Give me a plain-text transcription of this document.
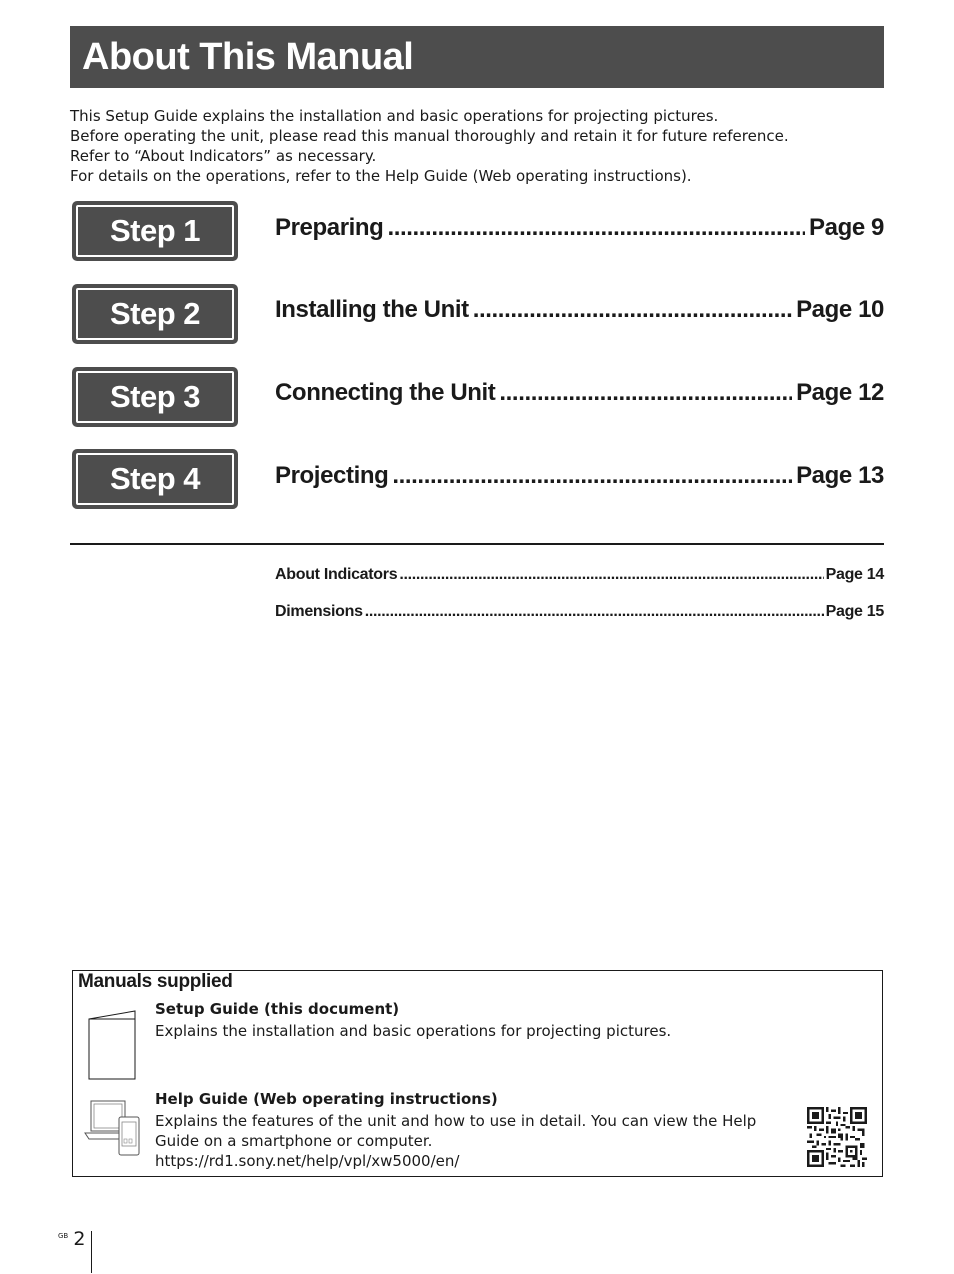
About This Manual

This Setup Guide explains the installation and basic operations for projecting pictures.

Before operating the unit, please read this manual thoroughly and retain it for future reference.

Refer to “About Indicators” as necessary.

For details on the operations, refer to the Help Guide (Web operating instructions).

Step 1	Preparing .....	Page 9
Step 2	Installing the Unit .....	Page 10
Step 3	Connecting the Unit .....	Page 12
Step 4	Projecting .....	Page 13
About Indicators .....	Page 14
Dimensions .....	Page 15
Manuals supplied
Setup Guide (this document)

Explains the installation and basic operations for projecting pictures.

Help Guide (Web operating instructions)

Explains the features of the unit and how to use in detail. You can view the Help

Guide on a smartphone or computer.

https://rd1.sony.net/help/vpl/xw5000/en/

$^{GB}$ 2
